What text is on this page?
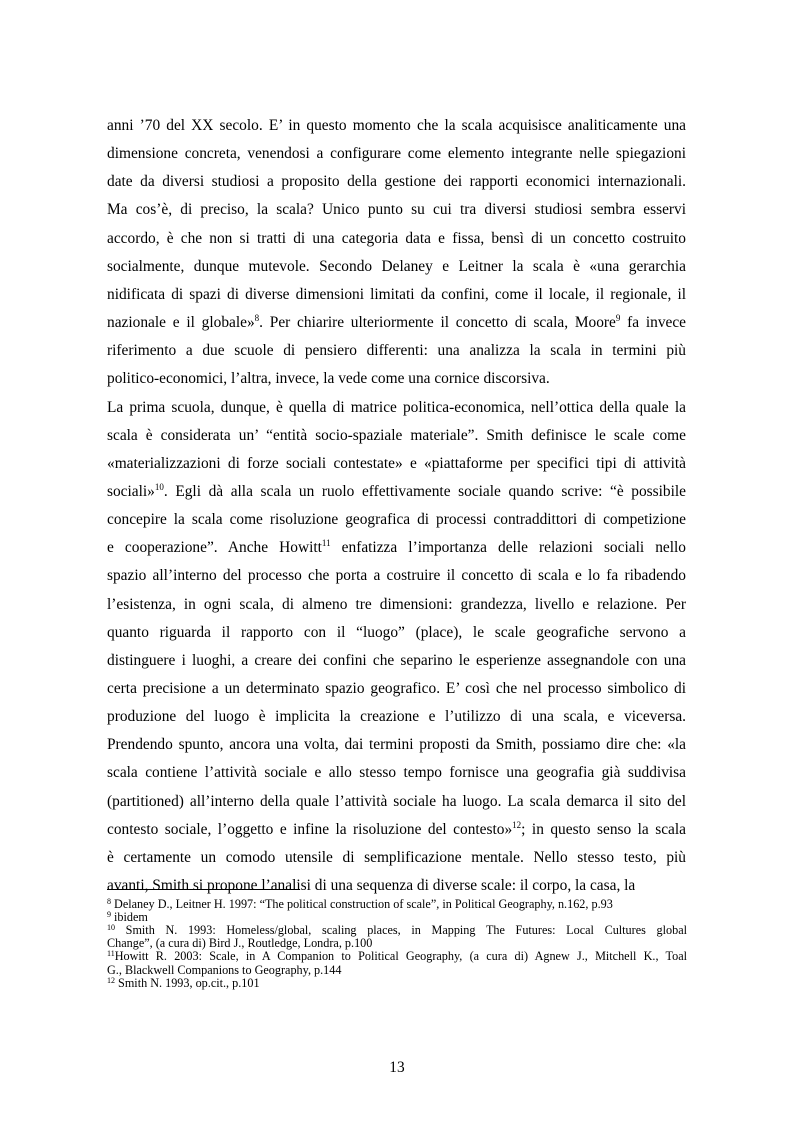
anni ’70 del XX secolo. E’ in questo momento che la scala acquisisce analiticamente una
dimensione concreta, venendosi a configurare come elemento integrante nelle spiegazioni
date da diversi studiosi a proposito della gestione dei rapporti economici internazionali.
Ma cos’è, di preciso, la scala? Unico punto su cui tra diversi studiosi sembra esservi
accordo, è che non si tratti di una categoria data e fissa, bensì di un concetto costruito
socialmente, dunque mutevole. Secondo Delaney e Leitner la scala è «una gerarchia
nidificata di spazi di diverse dimensioni limitati da confini, come il locale, il regionale, il
nazionale e il globale»$^8$. Per chiarire ulteriormente il concetto di scala, Moore$^9$ fa invece
riferimento a due scuole di pensiero differenti: una analizza la scala in termini più
politico-economici, l’altra, invece, la vede come una cornice discorsiva.
La prima scuola, dunque, è quella di matrice politica-economica, nell’ottica della quale la
scala è considerata un’ “entità socio-spaziale materiale”. Smith definisce le scale come
«materializzazioni di forze sociali contestate» e «piattaforme per specifici tipi di attività
sociali»$^{10}$. Egli dà alla scala un ruolo effettivamente sociale quando scrive: “è possibile
concepire la scala come risoluzione geografica di processi contraddittori di competizione
e cooperazione”. Anche Howitt$^{11}$ enfatizza l’importanza delle relazioni sociali nello
spazio all’interno del processo che porta a costruire il concetto di scala e lo fa ribadendo
l’esistenza, in ogni scala, di almeno tre dimensioni: grandezza, livello e relazione. Per
quanto riguarda il rapporto con il “luogo” (place), le scale geografiche servono a
distinguere i luoghi, a creare dei confini che separino le esperienze assegnandole con una
certa precisione a un determinato spazio geografico. E’ così che nel processo simbolico di
produzione del luogo è implicita la creazione e l’utilizzo di una scala, e viceversa.
Prendendo spunto, ancora una volta, dai termini proposti da Smith, possiamo dire che: «la
scala contiene l’attività sociale e allo stesso tempo fornisce una geografia già suddivisa
(partitioned) all’interno della quale l’attività sociale ha luogo. La scala demarca il sito del
contesto sociale, l’oggetto e infine la risoluzione del contesto»$^{12}$; in questo senso la scala
è certamente un comodo utensile di semplificazione mentale. Nello stesso testo, più
avanti, Smith si propone l’analisi di una sequenza di diverse scale: il corpo, la casa, la
$^8$ Delaney D., Leitner H. 1997: “The political construction of scale”, in Political Geography, n.162, p.93
$^9$ ibidem
$^{10}$ Smith N. 1993: Homeless/global, scaling places, in Mapping The Futures: Local Cultures global
Change”, (a cura di) Bird J., Routledge, Londra, p.100
$^{11}$Howitt R. 2003: Scale, in A Companion to Political Geography, (a cura di) Agnew J., Mitchell K., Toal
G., Blackwell Companions to Geography, p.144
$^{12}$ Smith N. 1993, op.cit., p.101
13
